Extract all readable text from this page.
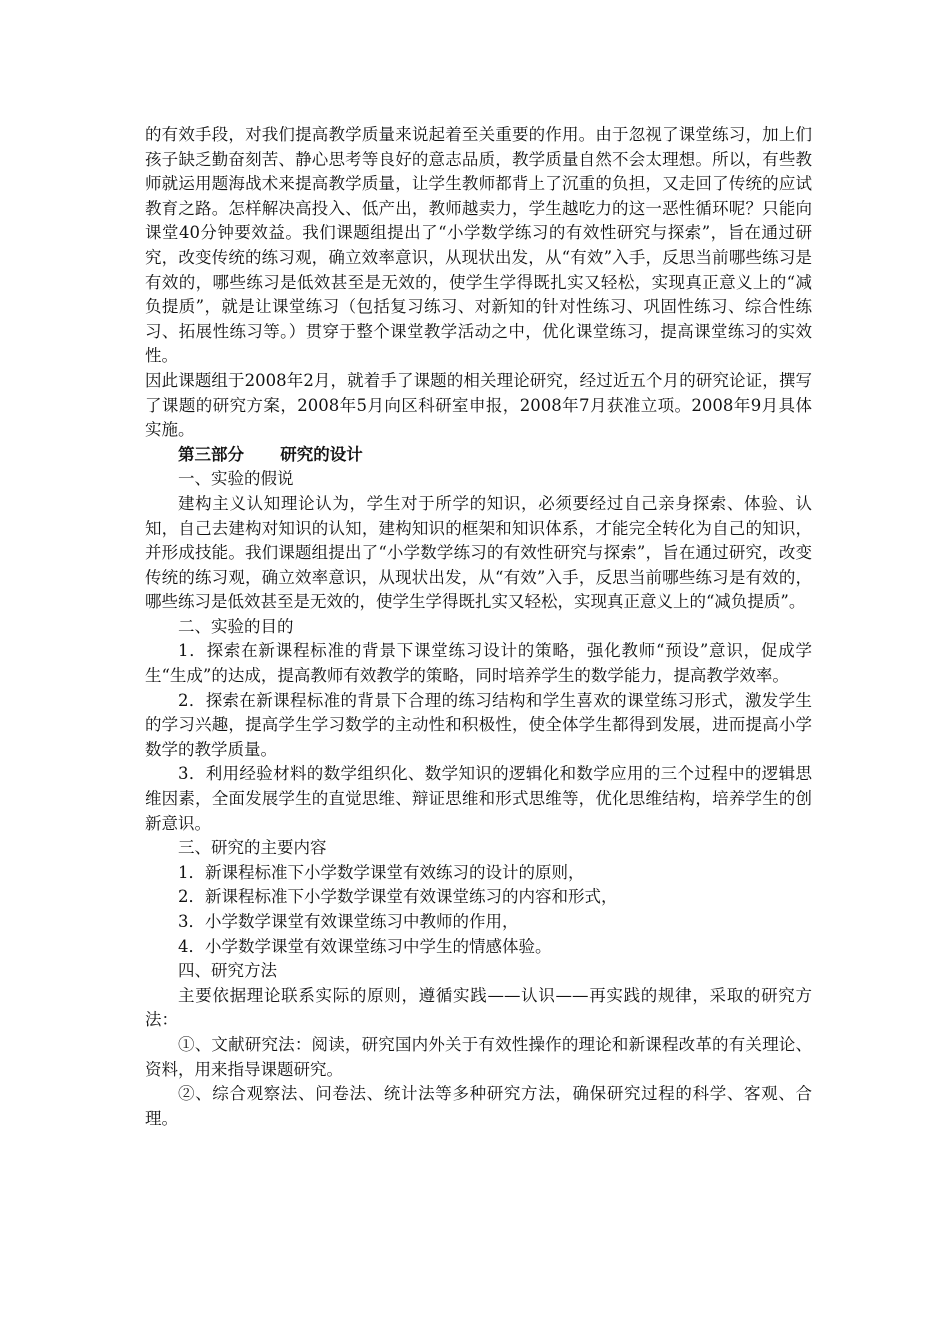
的有效手段，对我们提高教学质量来说起着至关重要的作用。由于忽视了课堂练习，加上们孩子缺乏勤奋刻苦、静心思考等良好的意志品质，教学质量自然不会太理想。所以，有些教师就运用题海战术来提高教学质量，让学生教师都背上了沉重的负担，又走回了传统的应试教育之路。怎样解决高投入、低产出，教师越卖力，学生越吃力的这一恶性循环呢？只能向课堂40分钟要效益。我们课题组提出了“小学数学练习的有效性研究与探索”，旨在通过研究，改变传统的练习观，确立效率意识，从现状出发，从“有效”入手，反思当前哪些练习是有效的，哪些练习是低效甚至是无效的，使学生学得既扎实又轻松，实现真正意义上的“减负提质”，就是让课堂练习（包括复习练习、对新知的针对性练习、巩固性练习、综合性练习、拓展性练习等。）贯穿于整个课堂教学活动之中，优化课堂练习，提高课堂练习的实效性。

因此课题组于2008年2月，就着手了课题的相关理论研究，经过近五个月的研究论证，撰写了课题的研究方案，2008年5月向区科研室申报，2008年7月获准立项。2008年9月具体实施。

第三部分 研究的设计

一、实验的假说

建构主义认知理论认为，学生对于所学的知识，必须要经过自己亲身探索、体验、认知，自己去建构对知识的认知，建构知识的框架和知识体系，才能完全转化为自己的知识，并形成技能。我们课题组提出了“小学数学练习的有效性研究与探索”，旨在通过研究，改变传统的练习观，确立效率意识，从现状出发，从“有效”入手，反思当前哪些练习是有效的，哪些练习是低效甚至是无效的，使学生学得既扎实又轻松，实现真正意义上的“减负提质”。

二、实验的目的

1．探索在新课程标准的背景下课堂练习设计的策略，强化教师“预设”意识，促成学生“生成”的达成，提高教师有效教学的策略，同时培养学生的数学能力，提高教学效率。

2．探索在新课程标准的背景下合理的练习结构和学生喜欢的课堂练习形式，激发学生的学习兴趣，提高学生学习数学的主动性和积极性，使全体学生都得到发展，进而提高小学数学的教学质量。

3．利用经验材料的数学组织化、数学知识的逻辑化和数学应用的三个过程中的逻辑思维因素，全面发展学生的直觉思维、辩证思维和形式思维等，优化思维结构，培养学生的创新意识。

三、研究的主要内容

1．新课程标准下小学数学课堂有效练习的设计的原则，

2．新课程标准下小学数学课堂有效课堂练习的内容和形式，

3．小学数学课堂有效课堂练习中教师的作用，

4．小学数学课堂有效课堂练习中学生的情感体验。

四、研究方法

主要依据理论联系实际的原则，遵循实践——认识——再实践的规律，采取的研究方法：

①、文献研究法：阅读，研究国内外关于有效性操作的理论和新课程改革的有关理论、资料，用来指导课题研究。

②、综合观察法、问卷法、统计法等多种研究方法，确保研究过程的科学、客观、合理。
